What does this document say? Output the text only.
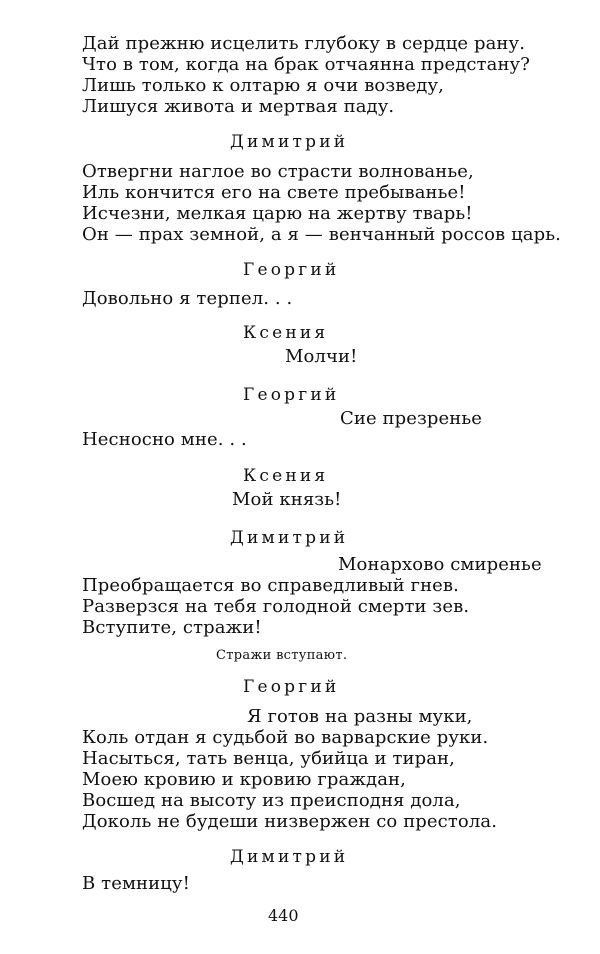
Дай прежню исцелить глубоку в сердце рану.
Что в том, когда на брак отчаянна предстану?
Лишь только к олтарю я очи возведу,
Лишуся живота и мертвая паду.
Димитрий
Отвергни наглое во страсти волнованье,
Иль кончится его на свете пребыванье!
Исчезни, мелкая царю на жертву тварь!
Он — прах земной, а я — венчанный россов царь.
Георгий
Довольно я терпел. . .
Ксения
Молчи!
Георгий
Сие презренье
Несносно мне. . .
Ксения
Мой князь!
Димитрий
Монархово смиренье
Преобращается во справедливый гнев.
Разверзся на тебя голодной смерти зев.
Вступите, стражи!
Стражи вступают.
Георгий
Я готов на разны муки,
Коль отдан я судьбой во варварские руки.
Насыться, тать венца, убийца и тиран,
Моею кровию и кровию граждан,
Восшед на высоту из преисподня дола,
Доколь не будеши низвержен со престола.
Димитрий
В темницу!
440
